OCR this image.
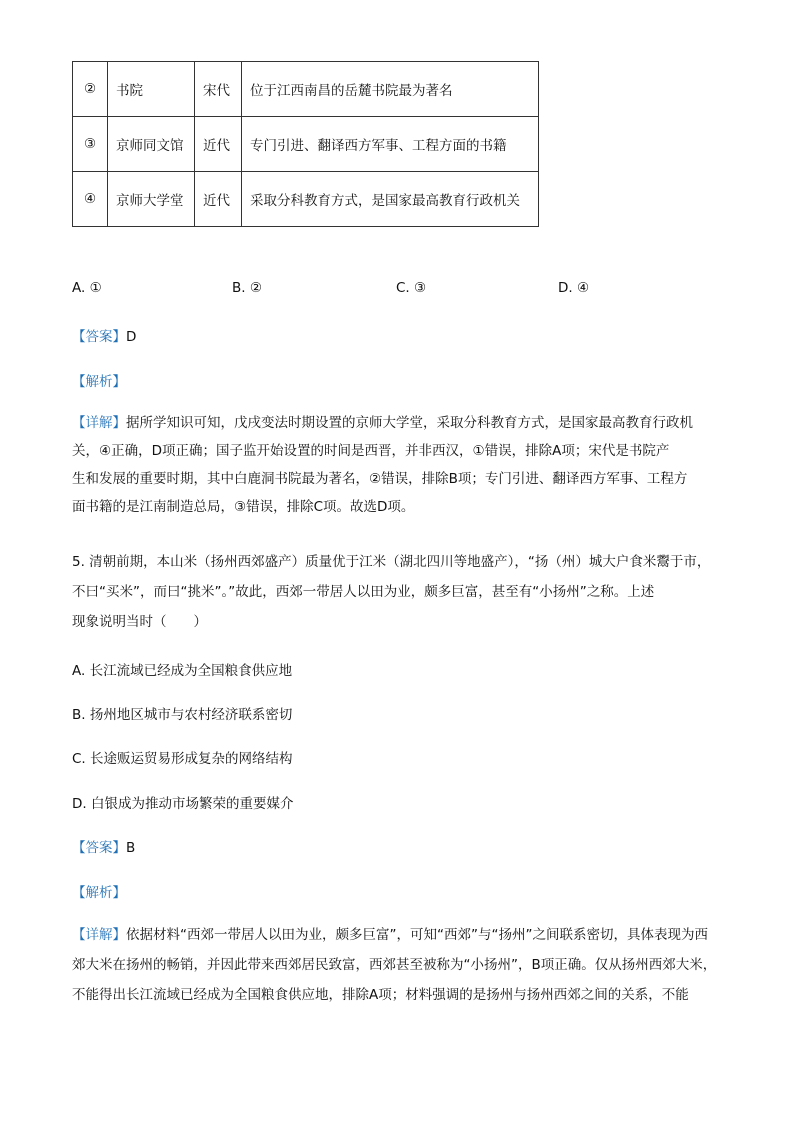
②	书院	宋代	位于江西南昌的岳麓书院最为著名
③	京师同文馆	近代	专门引进、翻译西方军事、工程方面的书籍
④	京师大学堂	近代	采取分科教育方式，是国家最高教育行政机关
A. ①	B. ②	C. ③	D. ④
【答案】D
【解析】
【详解】据所学知识可知，戊戌变法时期设置的京师大学堂，采取分科教育方式，是国家最高教育行政机
关，④正确，D项正确；国子监开始设置的时间是西晋，并非西汉，①错误，排除A项；宋代是书院产
生和发展的重要时期，其中白鹿洞书院最为著名，②错误，排除B项；专门引进、翻译西方军事、工程方
面书籍的是江南制造总局，③错误，排除C项。故选D项。
5. 清朝前期，本山米（扬州西郊盛产）质量优于江米（湖北四川等地盛产），“扬（州）城大户食米鬻于市，
不曰“买米”，而曰“挑米”。”故此，西郊一带居人以田为业，颇多巨富，甚至有“小扬州”之称。上述
现象说明当时（　　）
A. 长江流域已经成为全国粮食供应地
B. 扬州地区城市与农村经济联系密切
C. 长途贩运贸易形成复杂的网络结构
D. 白银成为推动市场繁荣的重要媒介
【答案】B
【解析】
【详解】依据材料“西郊一带居人以田为业，颇多巨富”，可知“西郊”与“扬州”之间联系密切，具体表现为西
郊大米在扬州的畅销，并因此带来西郊居民致富，西郊甚至被称为“小扬州”，B项正确。仅从扬州西郊大米，
不能得出长江流域已经成为全国粮食供应地，排除A项；材料强调的是扬州与扬州西郊之间的关系，不能
